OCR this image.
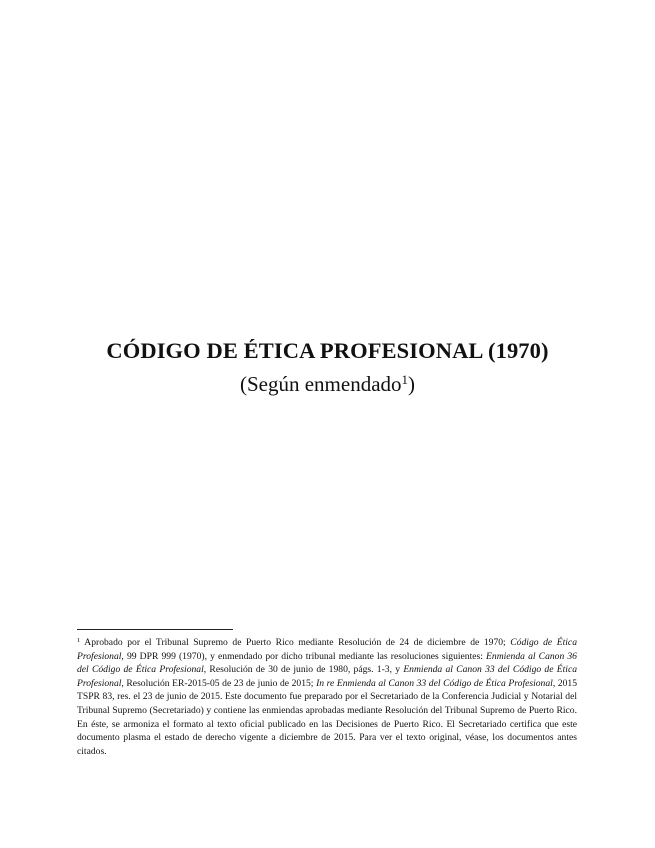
CÓDIGO DE ÉTICA PROFESIONAL (1970)

(Según enmendado$^1$)

$^1$ Aprobado por el Tribunal Supremo de Puerto Rico mediante Resolución de 24 de diciembre de 1970; Código de Ética Profesional, 99 DPR 999 (1970), y enmendado por dicho tribunal mediante las resoluciones siguientes: Enmienda al Canon 36 del Código de Ética Profesional, Resolución de 30 de junio de 1980, págs. 1-3, y Enmienda al Canon 33 del Código de Ética Profesional, Resolución ER-2015-05 de 23 de junio de 2015; In re Enmienda al Canon 33 del Código de Ética Profesional, 2015 TSPR 83, res. el 23 de junio de 2015. Este documento fue preparado por el Secretariado de la Conferencia Judicial y Notarial del Tribunal Supremo (Secretariado) y contiene las enmiendas aprobadas mediante Resolución del Tribunal Supremo de Puerto Rico. En éste, se armoniza el formato al texto oficial publicado en las Decisiones de Puerto Rico. El Secretariado certifica que este documento plasma el estado de derecho vigente a diciembre de 2015. Para ver el texto original, véase, los documentos antes citados.
